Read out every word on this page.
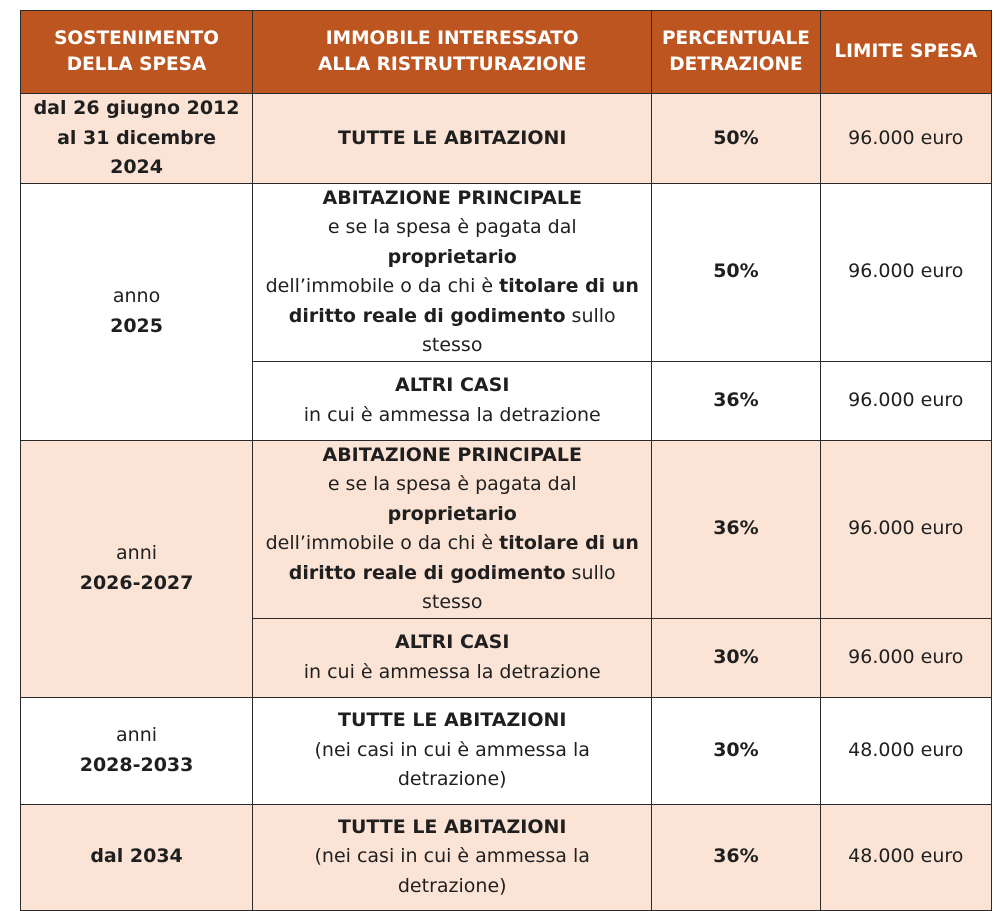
SOSTENIMENTO
DELLA SPESA	IMMOBILE INTERESSATO
ALLA RISTRUTTURAZIONE	PERCENTUALE
DETRAZIONE	LIMITE SPESA
dal 26 giugno 2012
al 31 dicembre 2024	TUTTE LE ABITAZIONI	50%	96.000 euro
anno
2025	ABITAZIONE PRINCIPALE
e se la spesa è pagata dal proprietario
dell’immobile o da chi è titolare di un
diritto reale di godimento sullo stesso	50%	96.000 euro
	ALTRI CASI
in cui è ammessa la detrazione	36%	96.000 euro
anni
2026-2027	ABITAZIONE PRINCIPALE
e se la spesa è pagata dal proprietario
dell’immobile o da chi è titolare di un
diritto reale di godimento sullo stesso	36%	96.000 euro
	ALTRI CASI
in cui è ammessa la detrazione	30%	96.000 euro
anni
2028-2033	TUTTE LE ABITAZIONI
(nei casi in cui è ammessa la
detrazione)	30%	48.000 euro
dal 2034	TUTTE LE ABITAZIONI
(nei casi in cui è ammessa la
detrazione)	36%	48.000 euro
